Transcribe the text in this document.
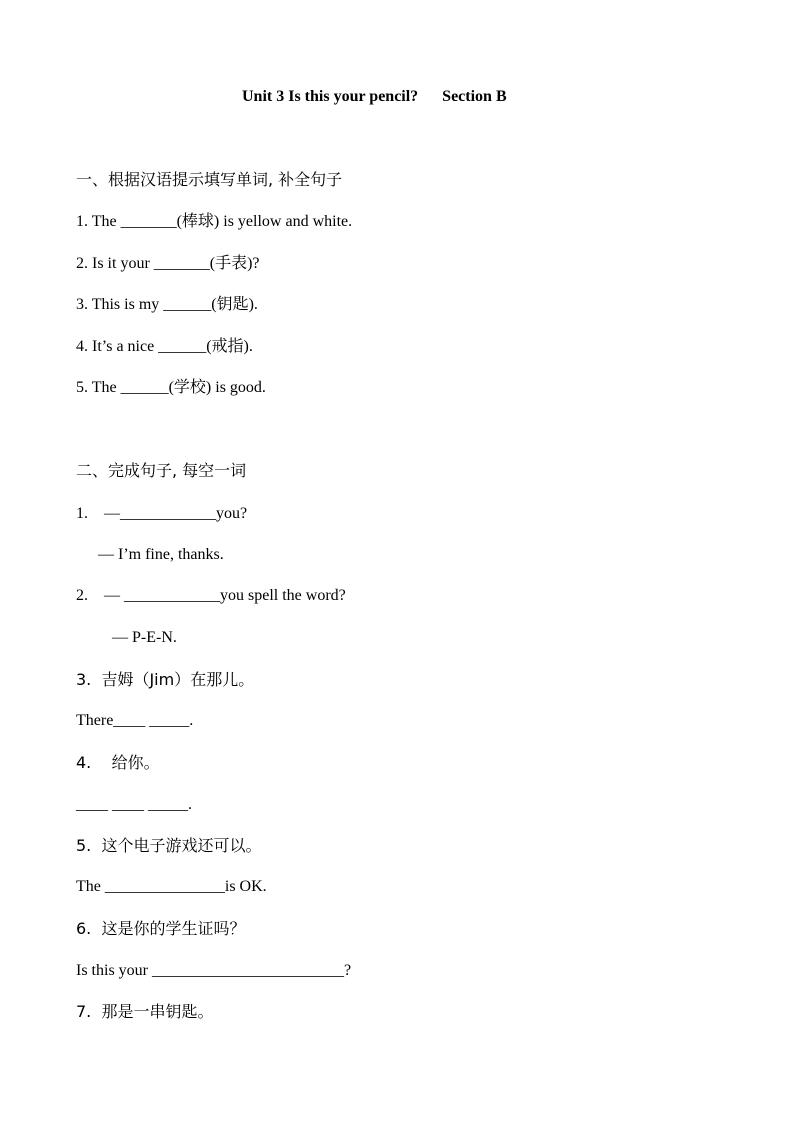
Unit 3 Is this your pencil?      Section B
一、根据汉语提示填写单词, 补全句子
1. The _______(棒球) is yellow and white.
2. Is it your _______(手表)?
3. This is my ______(钥匙).
4. It’s a nice ______(戒指).
5. The ______(学校) is good.
二、完成句子, 每空一词
1.    —____________you?
— I’m fine, thanks.
2.    — ____________you spell the word?
— P-E-N.
3.  吉姆（Jim）在那儿。
There____ _____.
4.    给你。
____ ____ _____.
5.  这个电子游戏还可以。
The _______________is OK.
6.  这是你的学生证吗？
Is this your ________________________?
7.  那是一串钥匙。
